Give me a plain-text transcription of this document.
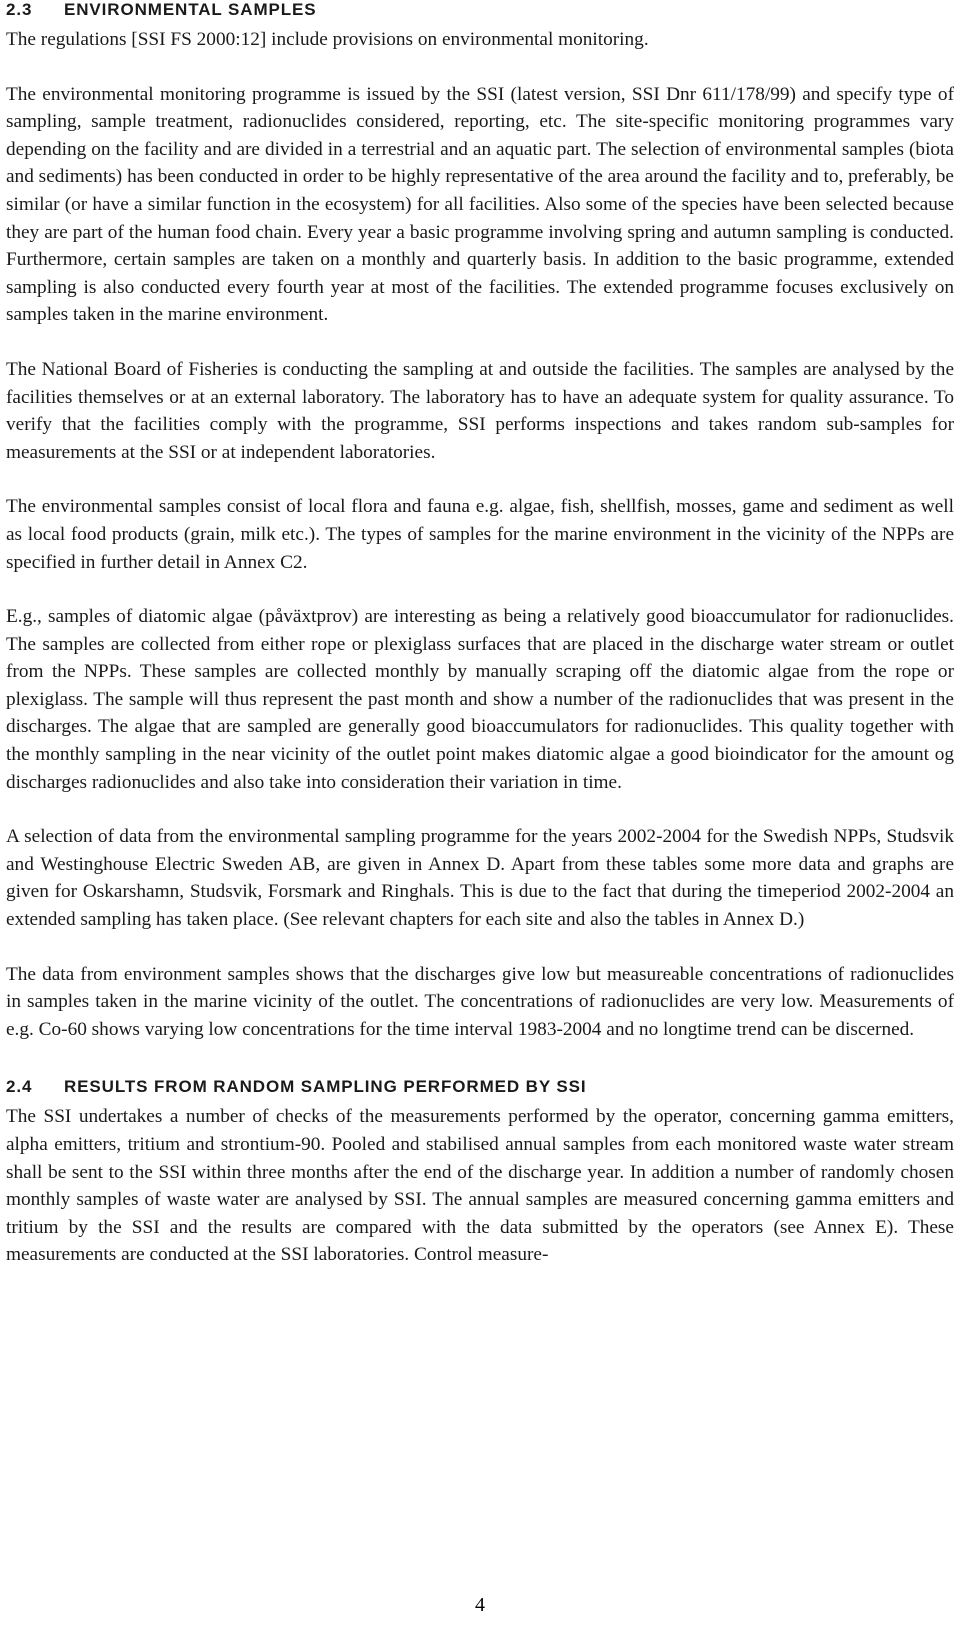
2.3 ENVIRONMENTAL SAMPLES

The regulations [SSI FS 2000:12] include provisions on environmental monitoring.

The environmental monitoring programme is issued by the SSI (latest version, SSI Dnr 611/178/99) and specify type of sampling, sample treatment, radionuclides considered, reporting, etc. The site-specific monitoring programmes vary depending on the facility and are divided in a terrestrial and an aquatic part. The selection of environmental samples (biota and sediments) has been conducted in order to be highly representative of the area around the facility and to, preferably, be similar (or have a similar function in the ecosystem) for all facilities. Also some of the species have been selected because they are part of the human food chain. Every year a basic programme involving spring and autumn sampling is conducted. Furthermore, certain samples are taken on a monthly and quarterly basis. In addition to the basic programme, extended sampling is also conducted every fourth year at most of the facilities. The extended programme focuses exclusively on samples taken in the marine environment.

The National Board of Fisheries is conducting the sampling at and outside the facilities. The samples are analysed by the facilities themselves or at an external laboratory. The laboratory has to have an adequate system for quality assurance. To verify that the facilities comply with the programme, SSI performs inspections and takes random sub-samples for measurements at the SSI or at independent laboratories.

The environmental samples consist of local flora and fauna e.g. algae, fish, shellfish, mosses, game and sediment as well as local food products (grain, milk etc.). The types of samples for the marine environment in the vicinity of the NPPs are specified in further detail in Annex C2.

E.g., samples of diatomic algae (påväxtprov) are interesting as being a relatively good bioaccumulator for radionuclides. The samples are collected from either rope or plexiglass surfaces that are placed in the discharge water stream or outlet from the NPPs. These samples are collected monthly by manually scraping off the diatomic algae from the rope or plexiglass. The sample will thus represent the past month and show a number of the radionuclides that was present in the discharges. The algae that are sampled are generally good bioaccumulators for radionuclides. This quality together with the monthly sampling in the near vicinity of the outlet point makes diatomic algae a good bioindicator for the amount og discharges radionuclides and also take into consideration their variation in time.

A selection of data from the environmental sampling programme for the years 2002-2004 for the Swedish NPPs, Studsvik and Westinghouse Electric Sweden AB, are given in Annex D. Apart from these tables some more data and graphs are given for Oskarshamn, Studsvik, Forsmark and Ringhals. This is due to the fact that during the timeperiod 2002-2004 an extended sampling has taken place. (See relevant chapters for each site and also the tables in Annex D.)

The data from environment samples shows that the discharges give low but measureable concentrations of radionuclides in samples taken in the marine vicinity of the outlet. The concentrations of radionuclides are very low. Measurements of e.g. Co-60 shows varying low concentrations for the time interval 1983-2004 and no longtime trend can be discerned.

2.4 RESULTS FROM RANDOM SAMPLING PERFORMED BY SSI

The SSI undertakes a number of checks of the measurements performed by the operator, concerning gamma emitters, alpha emitters, tritium and strontium-90. Pooled and stabilised annual samples from each monitored waste water stream shall be sent to the SSI within three months after the end of the discharge year. In addition a number of randomly chosen monthly samples of waste water are analysed by SSI. The annual samples are measured concerning gamma emitters and tritium by the SSI and the results are compared with the data submitted by the operators (see Annex E). These measurements are conducted at the SSI laboratories. Control measure-

4
